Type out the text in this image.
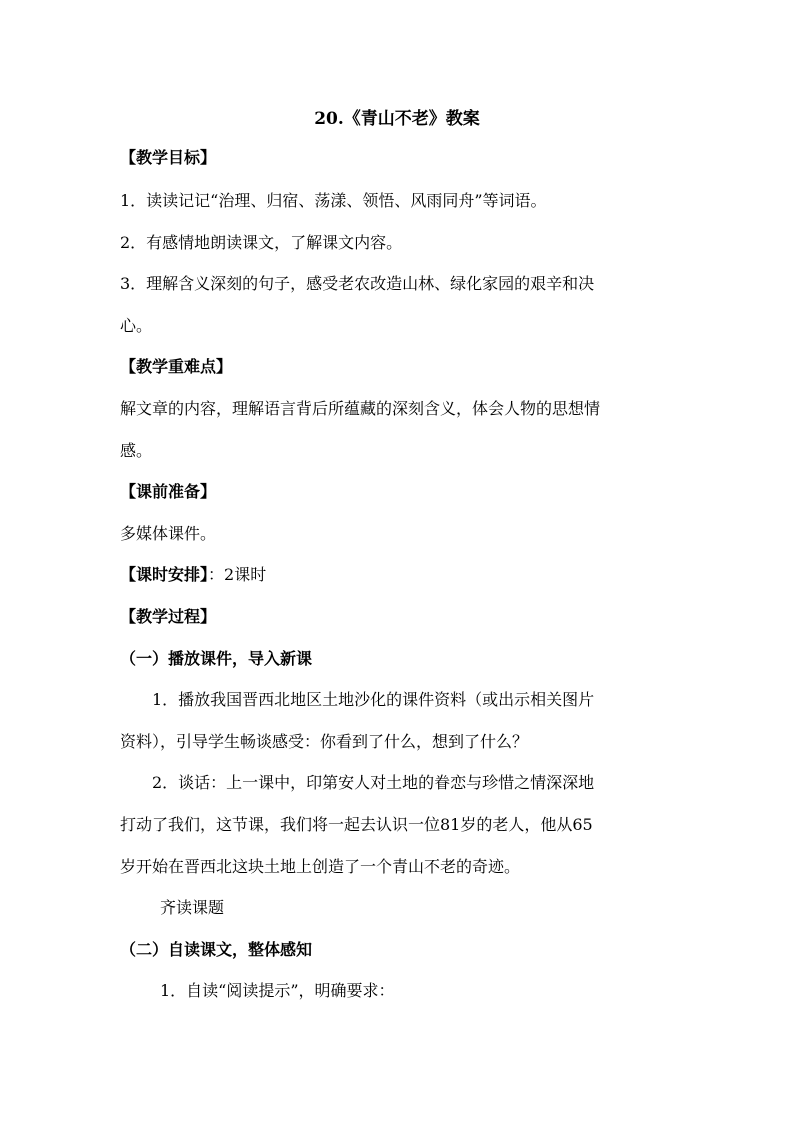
20.《青山不老》教案
【教学目标】
1．读读记记“治理、归宿、荡漾、领悟、风雨同舟”等词语。
2．有感情地朗读课文，了解课文内容。
3．理解含义深刻的句子，感受老农改造山林、绿化家园的艰辛和决
心。
【教学重难点】
解文章的内容，理解语言背后所蕴藏的深刻含义，体会人物的思想情
感。
【课前准备】
多媒体课件。
【课时安排】：2课时
【教学过程】
（一）播放课件，导入新课
1．播放我国晋西北地区土地沙化的课件资料（或出示相关图片
资料），引导学生畅谈感受：你看到了什么，想到了什么？
2．谈话：上一课中，印第安人对土地的眷恋与珍惜之情深深地
打动了我们，这节课，我们将一起去认识一位81岁的老人，他从65
岁开始在晋西北这块土地上创造了一个青山不老的奇迹。
齐读课题
（二）自读课文，整体感知
1．自读“阅读提示”，明确要求：
